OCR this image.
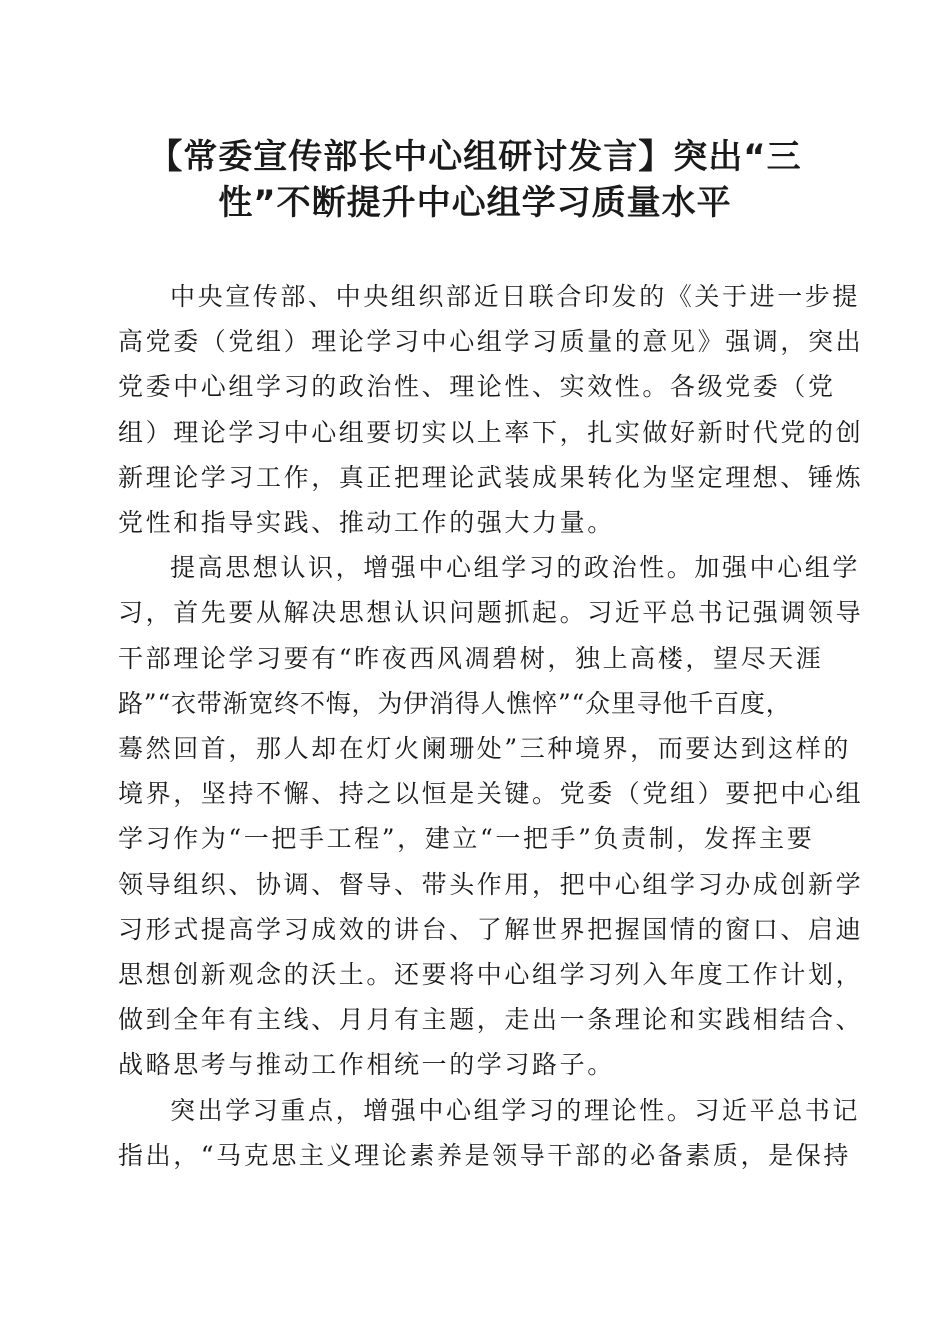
【常委宣传部长中心组研讨发言】突出“三
性”不断提升中心组学习质量水平

中央宣传部、中央组织部近日联合印发的《关于进一步提
高党委（党组）理论学习中心组学习质量的意见》强调，突出
党委中心组学习的政治性、理论性、实效性。各级党委（党
组）理论学习中心组要切实以上率下，扎实做好新时代党的创
新理论学习工作，真正把理论武装成果转化为坚定理想、锤炼
党性和指导实践、推动工作的强大力量。

提高思想认识，增强中心组学习的政治性。加强中心组学
习，首先要从解决思想认识问题抓起。习近平总书记强调领导
干部理论学习要有“昨夜西风凋碧树，独上高楼，望尽天涯
路”“衣带渐宽终不悔，为伊消得人憔悴”“众里寻他千百度，
蓦然回首，那人却在灯火阑珊处”三种境界，而要达到这样的
境界，坚持不懈、持之以恒是关键。党委（党组）要把中心组
学习作为“一把手工程”，建立“一把手”负责制，发挥主要
领导组织、协调、督导、带头作用，把中心组学习办成创新学
习形式提高学习成效的讲台、了解世界把握国情的窗口、启迪
思想创新观念的沃土。还要将中心组学习列入年度工作计划，
做到全年有主线、月月有主题，走出一条理论和实践相结合、
战略思考与推动工作相统一的学习路子。

突出学习重点，增强中心组学习的理论性。习近平总书记
指出，“马克思主义理论素养是领导干部的必备素质，是保持
